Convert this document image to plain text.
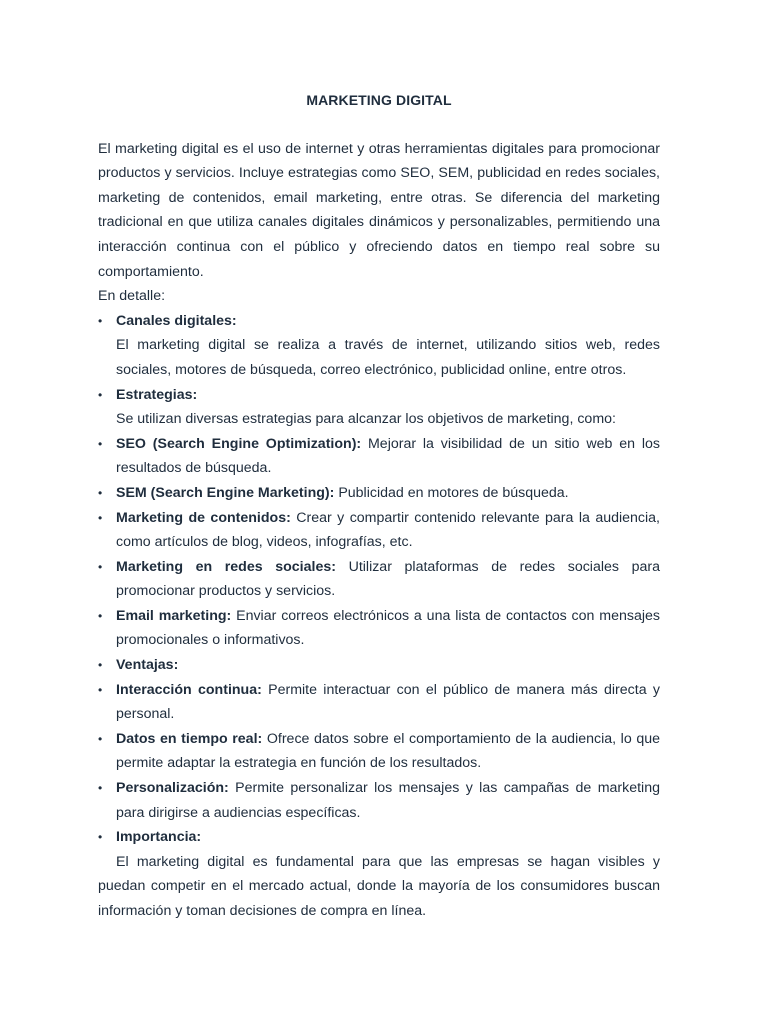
MARKETING DIGITAL

El marketing digital es el uso de internet y otras herramientas digitales para promocionar productos y servicios. Incluye estrategias como SEO, SEM, publicidad en redes sociales, marketing de contenidos, email marketing, entre otras. Se diferencia del marketing tradicional en que utiliza canales digitales dinámicos y personalizables, permitiendo una interacción continua con el público y ofreciendo datos en tiempo real sobre su comportamiento.

En detalle:

• Canales digitales:

El marketing digital se realiza a través de internet, utilizando sitios web, redes sociales, motores de búsqueda, correo electrónico, publicidad online, entre otros.

• Estrategias:

Se utilizan diversas estrategias para alcanzar los objetivos de marketing, como:

• SEO (Search Engine Optimization): Mejorar la visibilidad de un sitio web en los resultados de búsqueda.
• SEM (Search Engine Marketing): Publicidad en motores de búsqueda.
• Marketing de contenidos: Crear y compartir contenido relevante para la audiencia, como artículos de blog, videos, infografías, etc.
• Marketing en redes sociales: Utilizar plataformas de redes sociales para promocionar productos y servicios.
• Email marketing: Enviar correos electrónicos a una lista de contactos con mensajes promocionales o informativos.
• Ventajas:
• Interacción continua: Permite interactuar con el público de manera más directa y personal.
• Datos en tiempo real: Ofrece datos sobre el comportamiento de la audiencia, lo que permite adaptar la estrategia en función de los resultados.
• Personalización: Permite personalizar los mensajes y las campañas de marketing para dirigirse a audiencias específicas.
• Importancia:

El marketing digital es fundamental para que las empresas se hagan visibles y puedan competir en el mercado actual, donde la mayoría de los consumidores buscan información y toman decisiones de compra en línea.
